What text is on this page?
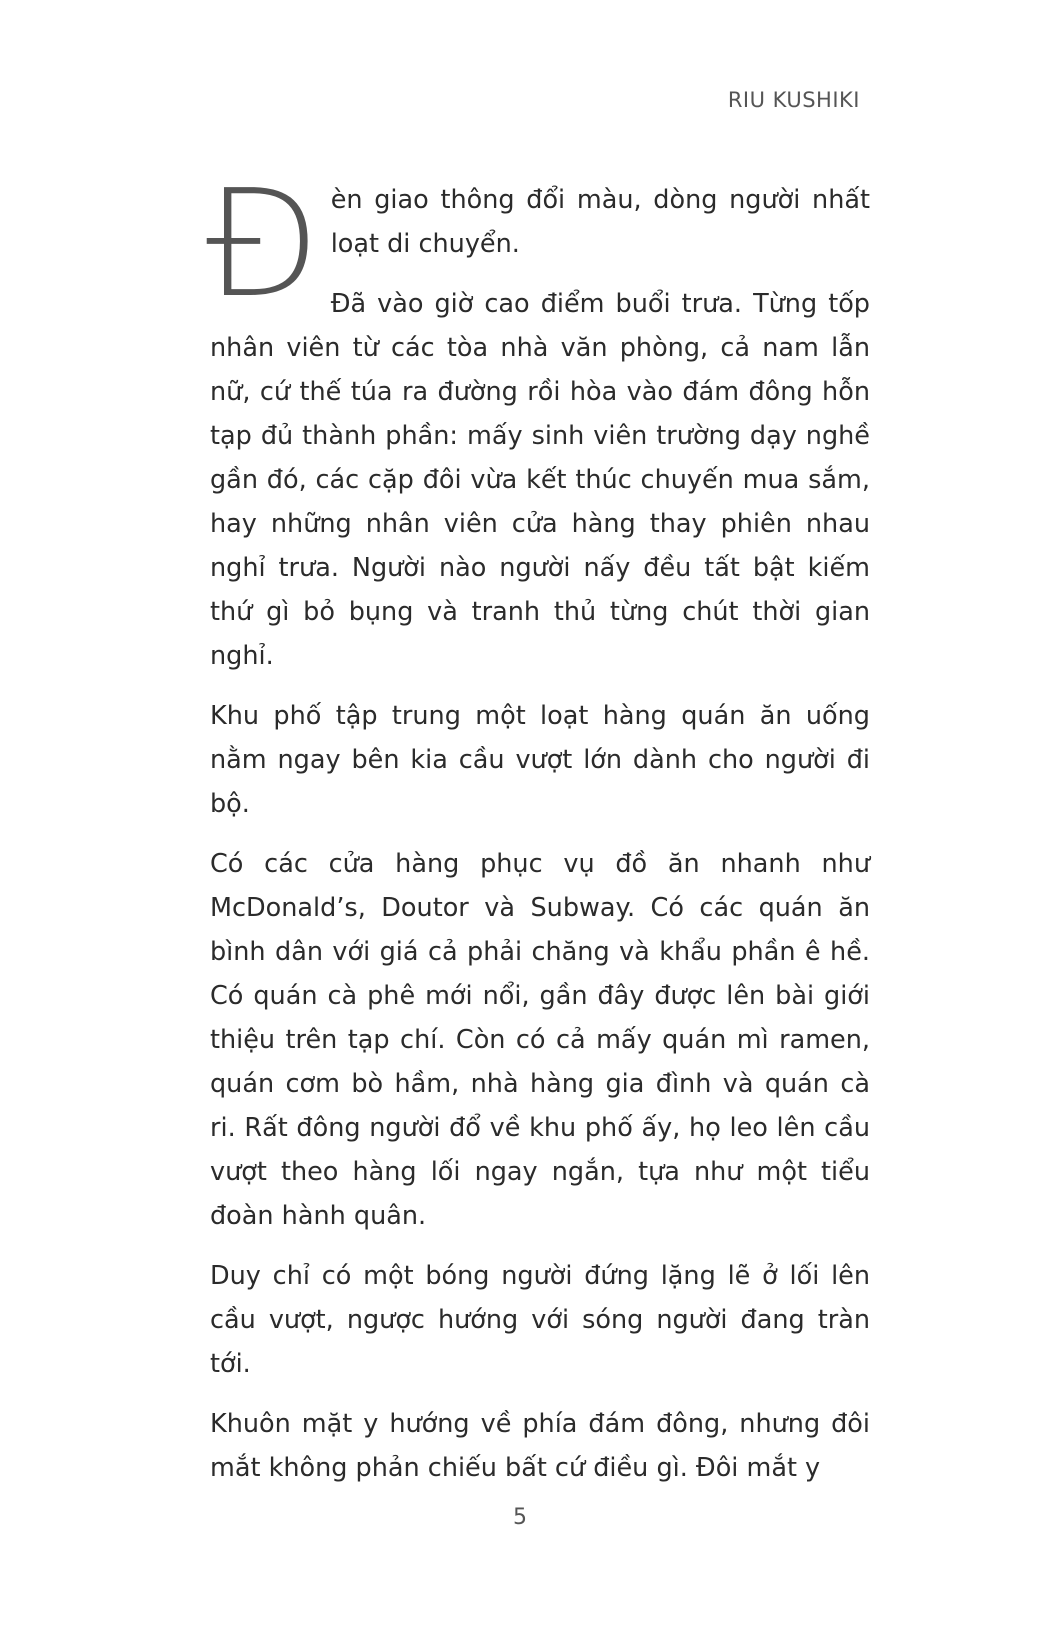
RIU KUSHIKI
Đ èn giao thông đổi màu, dòng người nhất loạt di chuyển.

Đã vào giờ cao điểm buổi trưa. Từng tốp nhân viên từ các tòa nhà văn phòng, cả nam lẫn nữ, cứ thế túa ra đường rồi hòa vào đám đông hỗn tạp đủ thành phần: mấy sinh viên trường dạy nghề gần đó, các cặp đôi vừa kết thúc chuyến mua sắm, hay những nhân viên cửa hàng thay phiên nhau nghỉ trưa. Người nào người nấy đều tất bật kiếm thứ gì bỏ bụng và tranh thủ từng chút thời gian nghỉ.

Khu phố tập trung một loạt hàng quán ăn uống nằm ngay bên kia cầu vượt lớn dành cho người đi bộ.

Có các cửa hàng phục vụ đồ ăn nhanh như McDonald’s, Doutor và Subway. Có các quán ăn bình dân với giá cả phải chăng và khẩu phần ê hề. Có quán cà phê mới nổi, gần đây được lên bài giới thiệu trên tạp chí. Còn có cả mấy quán mì ramen, quán cơm bò hầm, nhà hàng gia đình và quán cà ri. Rất đông người đổ về khu phố ấy, họ leo lên cầu vượt theo hàng lối ngay ngắn, tựa như một tiểu đoàn hành quân.

Duy chỉ có một bóng người đứng lặng lẽ ở lối lên cầu vượt, ngược hướng với sóng người đang tràn tới.

Khuôn mặt y hướng về phía đám đông, nhưng đôi mắt không phản chiếu bất cứ điều gì. Đôi mắt y

5
